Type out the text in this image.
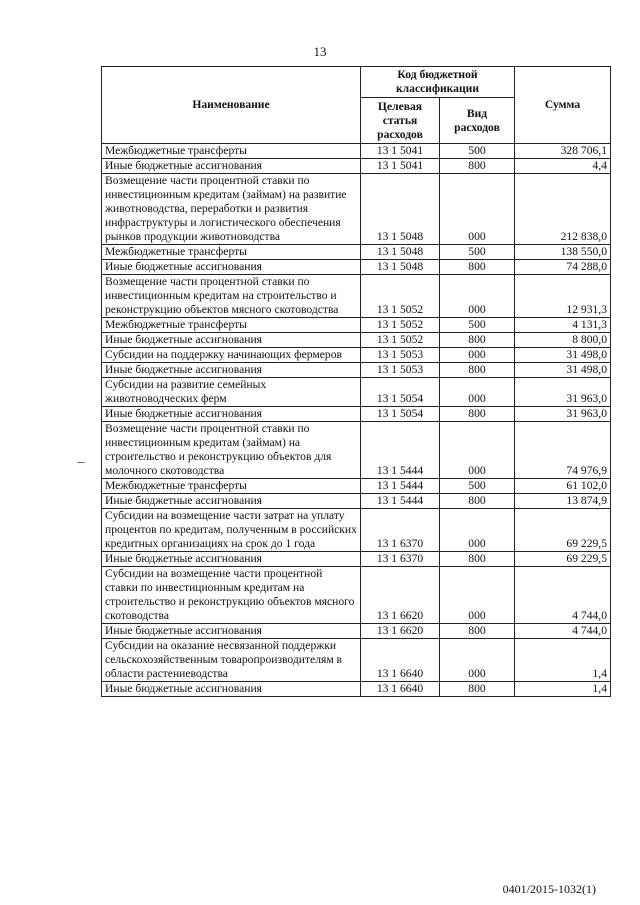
13
Наименование	Код бюджетной классификации		Сумма
	Целевая статья расходов	Вид расходов	
Межбюджетные трансферты	13 1 5041	500	328 706,1
Иные бюджетные ассигнования	13 1 5041	800	4,4
Возмещение части процентной ставки по инвестиционным кредитам (займам) на развитие животноводства, переработки и развития инфраструктуры и логистического обеспечения рынков продукции животноводства	13 1 5048	000	212 838,0
Межбюджетные трансферты	13 1 5048	500	138 550,0
Иные бюджетные ассигнования	13 1 5048	800	74 288,0
Возмещение части процентной ставки по инвестиционным кредитам на строительство и реконструкцию объектов мясного скотоводства	13 1 5052	000	12 931,3
Межбюджетные трансферты	13 1 5052	500	4 131,3
Иные бюджетные ассигнования	13 1 5052	800	8 800,0
Субсидии на поддержку начинающих фермеров	13 1 5053	000	31 498,0
Иные бюджетные ассигнования	13 1 5053	800	31 498,0
Субсидии на развитие семейных животноводческих ферм	13 1 5054	000	31 963,0
Иные бюджетные ассигнования	13 1 5054	800	31 963,0
Возмещение части процентной ставки по инвестиционным кредитам (займам) на строительство и реконструкцию объектов для молочного скотоводства	13 1 5444	000	74 976,9
Межбюджетные трансферты	13 1 5444	500	61 102,0
Иные бюджетные ассигнования	13 1 5444	800	13 874,9
Субсидии на возмещение части затрат на уплату процентов по кредитам, полученным в российских кредитных организациях на срок до 1 года	13 1 6370	000	69 229,5
Иные бюджетные ассигнования	13 1 6370	800	69 229,5
Субсидии на возмещение части процентной ставки по инвестиционным кредитам на строительство и реконструкцию объектов мясного скотоводства	13 1 6620	000	4 744,0
Иные бюджетные ассигнования	13 1 6620	800	4 744,0
Субсидии на оказание несвязанной поддержки сельскохозяйственным товаропроизводителям в области растениеводства	13 1 6640	000	1,4
Иные бюджетные ассигнования	13 1 6640	800	1,4
0401/2015-1032(1)
